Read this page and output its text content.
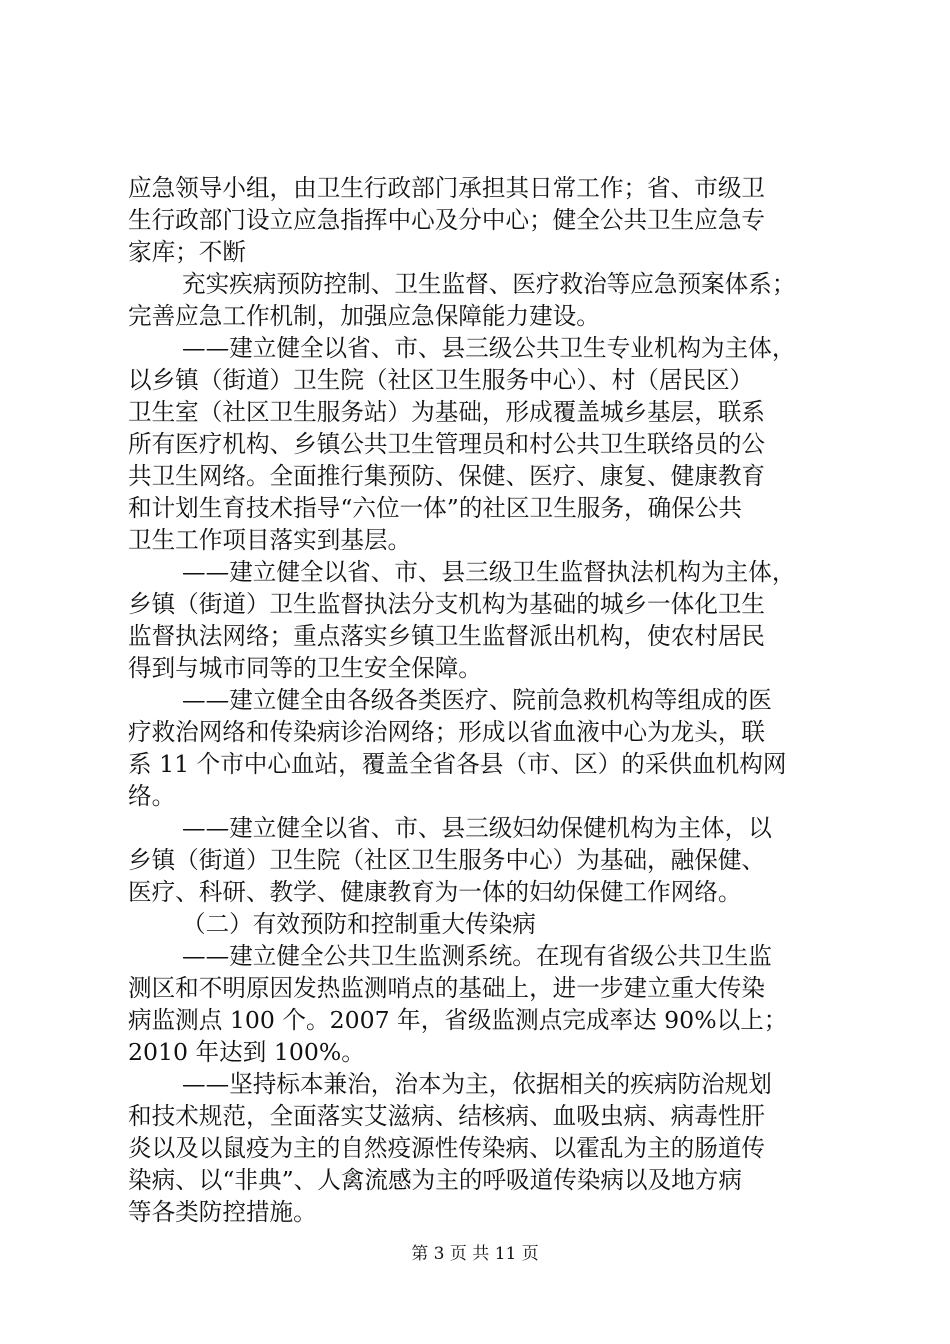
应急领导小组，由卫生行政部门承担其日常工作；省、市级卫
生行政部门设立应急指挥中心及分中心；健全公共卫生应急专
家库；不断
充实疾病预防控制、卫生监督、医疗救治等应急预案体系；
完善应急工作机制，加强应急保障能力建设。
——建立健全以省、市、县三级公共卫生专业机构为主体，
以乡镇（街道）卫生院（社区卫生服务中心）、村（居民区）
卫生室（社区卫生服务站）为基础，形成覆盖城乡基层，联系
所有医疗机构、乡镇公共卫生管理员和村公共卫生联络员的公
共卫生网络。全面推行集预防、保健、医疗、康复、健康教育
和计划生育技术指导“六位一体”的社区卫生服务，确保公共
卫生工作项目落实到基层。
——建立健全以省、市、县三级卫生监督执法机构为主体，
乡镇（街道）卫生监督执法分支机构为基础的城乡一体化卫生
监督执法网络；重点落实乡镇卫生监督派出机构，使农村居民
得到与城市同等的卫生安全保障。
——建立健全由各级各类医疗、院前急救机构等组成的医
疗救治网络和传染病诊治网络；形成以省血液中心为龙头，联
系 11 个市中心血站，覆盖全省各县（市、区）的采供血机构网
络。
——建立健全以省、市、县三级妇幼保健机构为主体，以
乡镇（街道）卫生院（社区卫生服务中心）为基础，融保健、
医疗、科研、教学、健康教育为一体的妇幼保健工作网络。
（二）有效预防和控制重大传染病
——建立健全公共卫生监测系统。在现有省级公共卫生监
测区和不明原因发热监测哨点的基础上，进一步建立重大传染
病监测点 100 个。2007 年，省级监测点完成率达 90%以上；
2010 年达到 100%。
——坚持标本兼治，治本为主，依据相关的疾病防治规划
和技术规范，全面落实艾滋病、结核病、血吸虫病、病毒性肝
炎以及以鼠疫为主的自然疫源性传染病、以霍乱为主的肠道传
染病、以“非典”、人禽流感为主的呼吸道传染病以及地方病
等各类防控措施。
第 3 页 共 11 页
